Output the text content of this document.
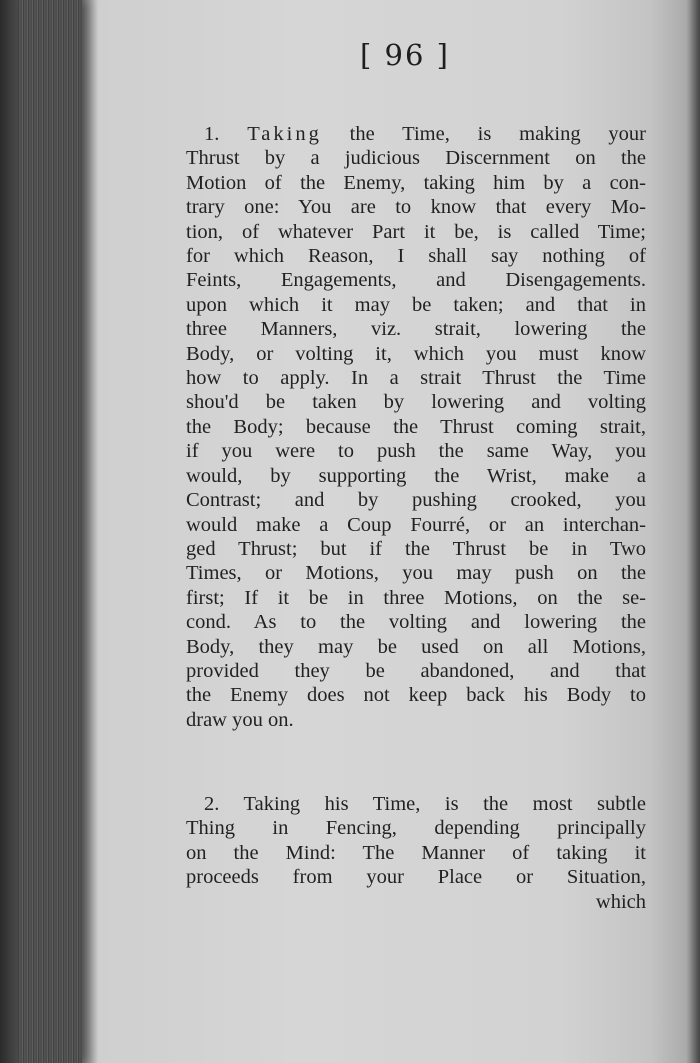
[ 96 ]
1. Taking the Time, is making your
Thrust by a judicious Discernment on the
Motion of the Enemy, taking him by a con-
trary one: You are to know that every Mo-
tion, of whatever Part it be, is called Time;
for which Reason, I shall say nothing of
Feints, Engagements, and Disengagements.
upon which it may be taken; and that in
three Manners, viz. strait, lowering the
Body, or volting it, which you must know
how to apply. In a strait Thrust the Time
shou'd be taken by lowering and volting
the Body; because the Thrust coming strait,
if you were to push the same Way, you
would, by supporting the Wrist, make a
Contrast; and by pushing crooked, you
would make a Coup Fourré, or an interchan-
ged Thrust; but if the Thrust be in Two
Times, or Motions, you may push on the
first; If it be in three Motions, on the se-
cond. As to the volting and lowering the
Body, they may be used on all Motions,
provided they be abandoned, and that
the Enemy does not keep back his Body to
draw you on.
2. Taking his Time, is the most subtle
Thing in Fencing, depending principally
on the Mind: The Manner of taking it
proceeds from your Place or Situation,
which
